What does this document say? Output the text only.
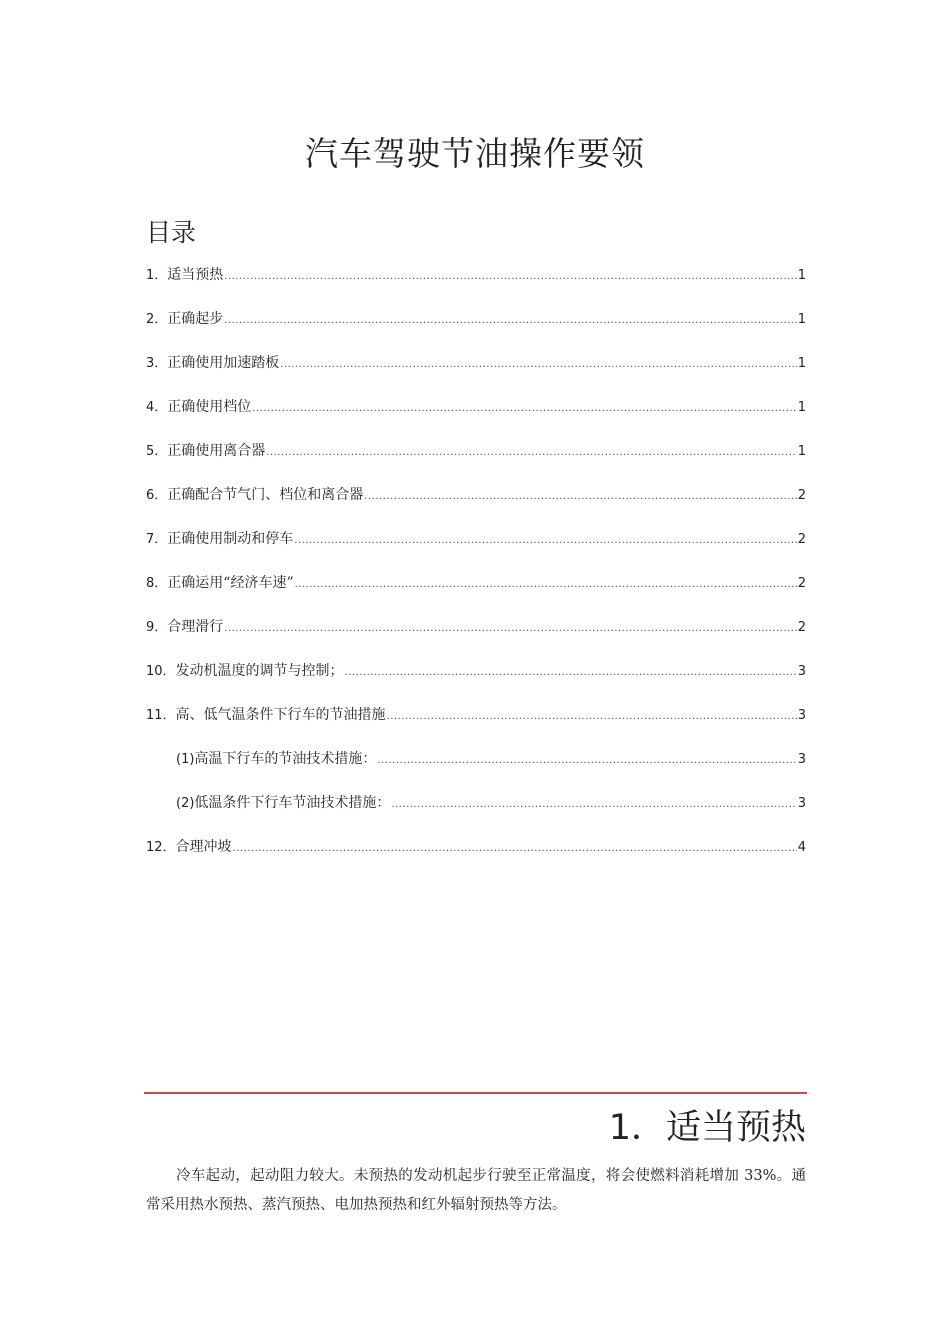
汽车驾驶节油操作要领
目录
1．适当预热 .....	1
2．正确起步 .....	1
3．正确使用加速踏板 .....	1
4．正确使用档位 .....	1
5．正确使用离合器 .....	1
6．正确配合节气门、档位和离合器 .....	2
7．正确使用制动和停车 .....	2
8．正确运用“经济车速” .....	2
9．合理滑行 .....	2
10．发动机温度的调节与控制； .....	3
11．高、低气温条件下行车的节油措施 .....	3
(1)高温下行车的节油技术措施： .....	3
(2)低温条件下行车节油技术措施： .....	3
12．合理冲坡 .....	4
1．适当预热
冷车起动，起动阻力较大。未预热的发动机起步行驶至正常温度，将会使燃料消耗增加 33%。通常采用热水预热、蒸汽预热、电加热预热和红外辐射预热等方法。
